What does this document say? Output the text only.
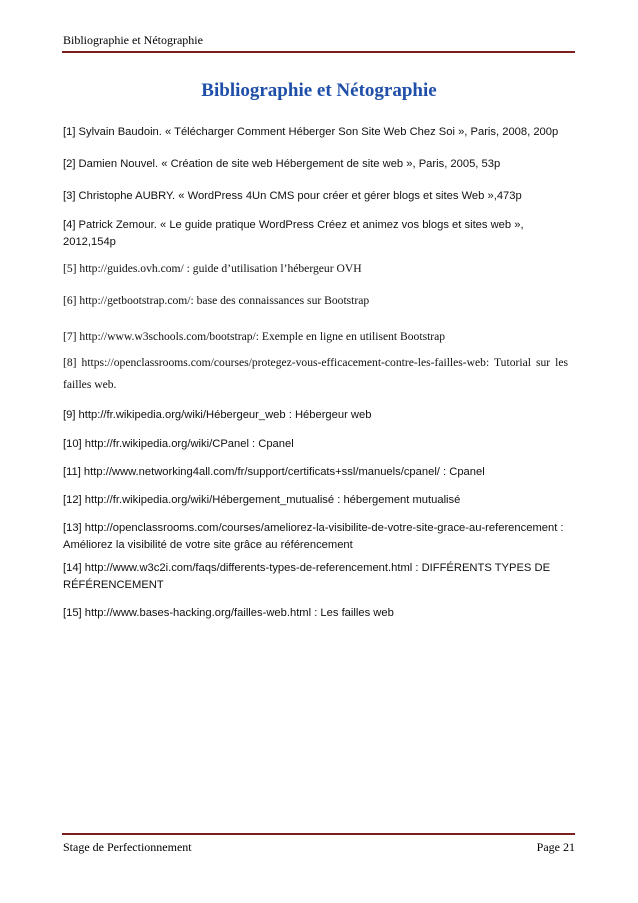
Bibliographie et Nétographie
Bibliographie et Nétographie
[1] Sylvain Baudoin. « Télécharger Comment Héberger Son Site Web Chez Soi », Paris, 2008, 200p
[2] Damien Nouvel. « Création de site web Hébergement de site web », Paris, 2005, 53p
[3] Christophe AUBRY. « WordPress 4Un CMS pour créer et gérer blogs et sites Web »,473p
[4] Patrick Zemour. « Le guide pratique WordPress Créez et animez vos blogs et sites web », 2012,154p
[5] http://guides.ovh.com/ : guide d’utilisation l’hébergeur OVH
[6] http://getbootstrap.com/: base des connaissances sur Bootstrap
[7] http://www.w3schools.com/bootstrap/: Exemple en ligne en utilisent Bootstrap
[8] https://openclassrooms.com/courses/protegez-vous-efficacement-contre-les-failles-web: Tutorial sur les failles web.
[9] http://fr.wikipedia.org/wiki/Hébergeur_web : Hébergeur web
[10] http://fr.wikipedia.org/wiki/CPanel : Cpanel
[11] http://www.networking4all.com/fr/support/certificats+ssl/manuels/cpanel/ : Cpanel
[12] http://fr.wikipedia.org/wiki/Hébergement_mutualisé : hébergement mutualisé
[13] http://openclassrooms.com/courses/ameliorez-la-visibilite-de-votre-site-grace-au-referencement : Améliorez la visibilité de votre site grâce au référencement
[14] http://www.w3c2i.com/faqs/differents-types-de-referencement.html : DIFFÉRENTS TYPES DE RÉFÉRENCEMENT
[15] http://www.bases-hacking.org/failles-web.html : Les failles web
Stage de Perfectionnement	Page 21
